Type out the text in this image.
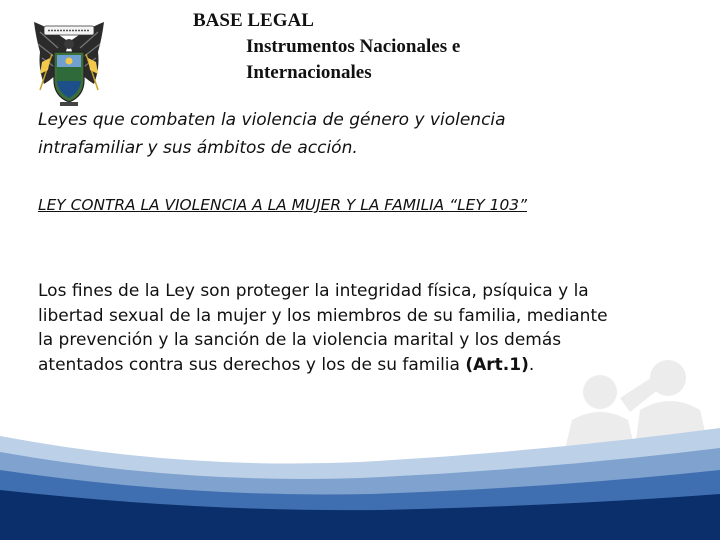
BASE LEGAL
Instrumentos Nacionales e
Internacionales

Leyes que combaten la violencia de género y violencia
intrafamiliar y sus ámbitos de acción.

LEY CONTRA LA VIOLENCIA A LA MUJER Y LA FAMILIA “LEY 103”

Los fines de la Ley son proteger la integridad física, psíquica y la
libertad sexual de la mujer y los miembros de su familia, mediante
la prevención y la sanción de la violencia marital y los demás
atentados contra sus derechos y los de su familia (Art.1).
